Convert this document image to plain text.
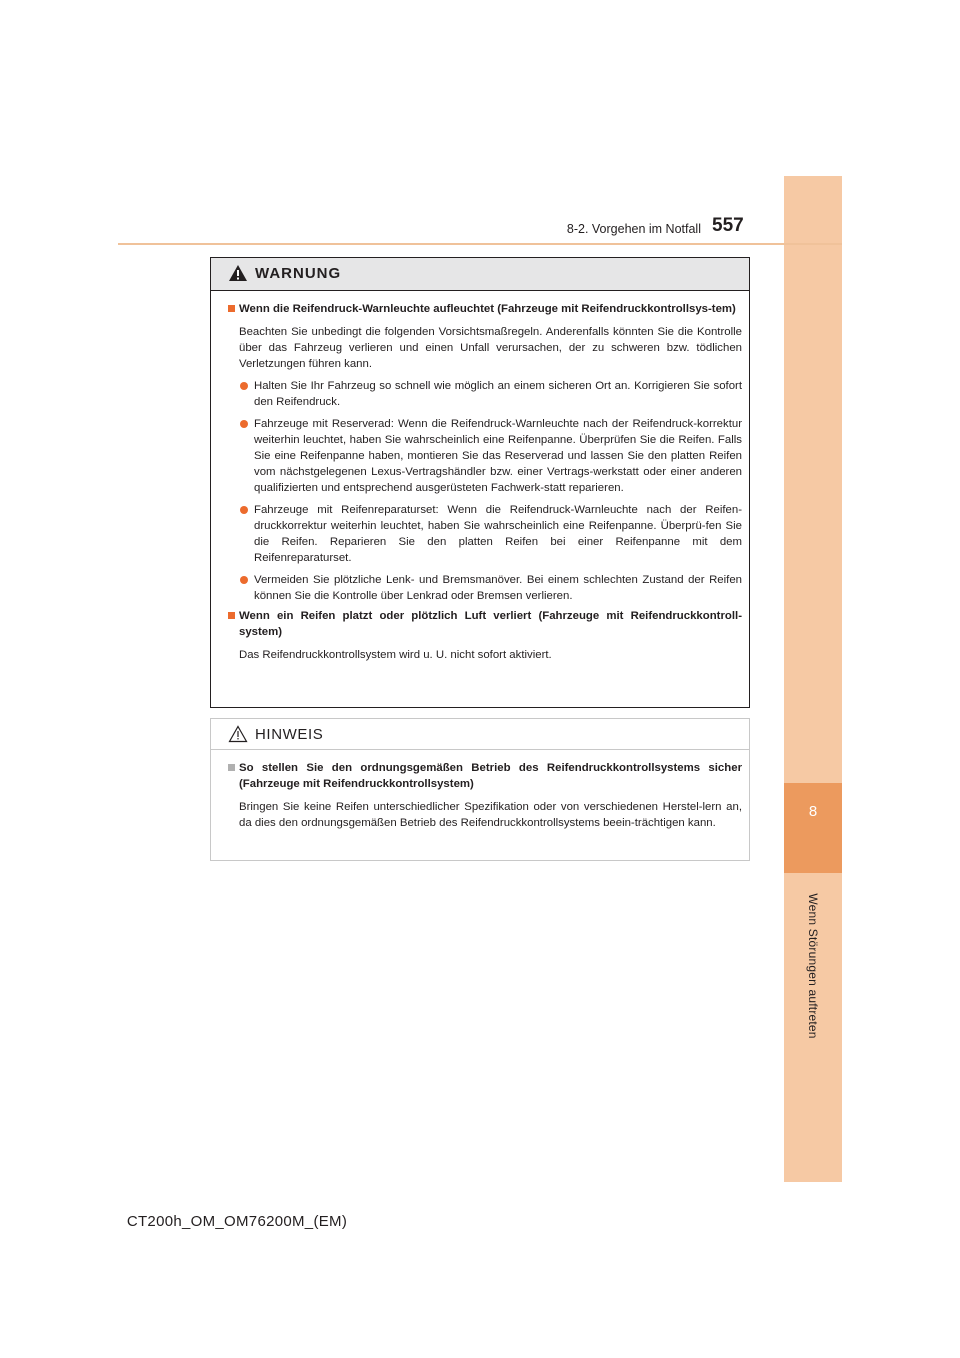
8
Wenn Störungen auftreten
8-2. Vorgehen im Notfall 557
WARNUNG
Wenn die Reifendruck-Warnleuchte aufleuchtet (Fahrzeuge mit Reifendruckkontrollsys-tem)
Beachten Sie unbedingt die folgenden Vorsichtsmaßregeln. Anderenfalls könnten Sie die Kontrolle über das Fahrzeug verlieren und einen Unfall verursachen, der zu schweren bzw. tödlichen Verletzungen führen kann.
Halten Sie Ihr Fahrzeug so schnell wie möglich an einem sicheren Ort an. Korrigieren Sie sofort den Reifendruck.
Fahrzeuge mit Reserverad: Wenn die Reifendruck-Warnleuchte nach der Reifendruck-korrektur weiterhin leuchtet, haben Sie wahrscheinlich eine Reifenpanne. Überprüfen Sie die Reifen. Falls Sie eine Reifenpanne haben, montieren Sie das Reserverad und lassen Sie den platten Reifen vom nächstgelegenen Lexus-Vertragshändler bzw. einer Vertrags-werkstatt oder einer anderen qualifizierten und entsprechend ausgerüsteten Fachwerk-statt reparieren.
Fahrzeuge mit Reifenreparaturset: Wenn die Reifendruck-Warnleuchte nach der Reifen-druckkorrektur weiterhin leuchtet, haben Sie wahrscheinlich eine Reifenpanne. Überprü-fen Sie die Reifen. Reparieren Sie den platten Reifen bei einer Reifenpanne mit dem Reifenreparaturset.
Vermeiden Sie plötzliche Lenk- und Bremsmanöver. Bei einem schlechten Zustand der Reifen können Sie die Kontrolle über Lenkrad oder Bremsen verlieren.
Wenn ein Reifen platzt oder plötzlich Luft verliert (Fahrzeuge mit Reifendruckkontroll-system)
Das Reifendruckkontrollsystem wird u. U. nicht sofort aktiviert.
HINWEIS
So stellen Sie den ordnungsgemäßen Betrieb des Reifendruckkontrollsystems sicher (Fahrzeuge mit Reifendruckkontrollsystem)
Bringen Sie keine Reifen unterschiedlicher Spezifikation oder von verschiedenen Herstel-lern an, da dies den ordnungsgemäßen Betrieb des Reifendruckkontrollsystems beein-trächtigen kann.
CT200h_OM_OM76200M_(EM)
